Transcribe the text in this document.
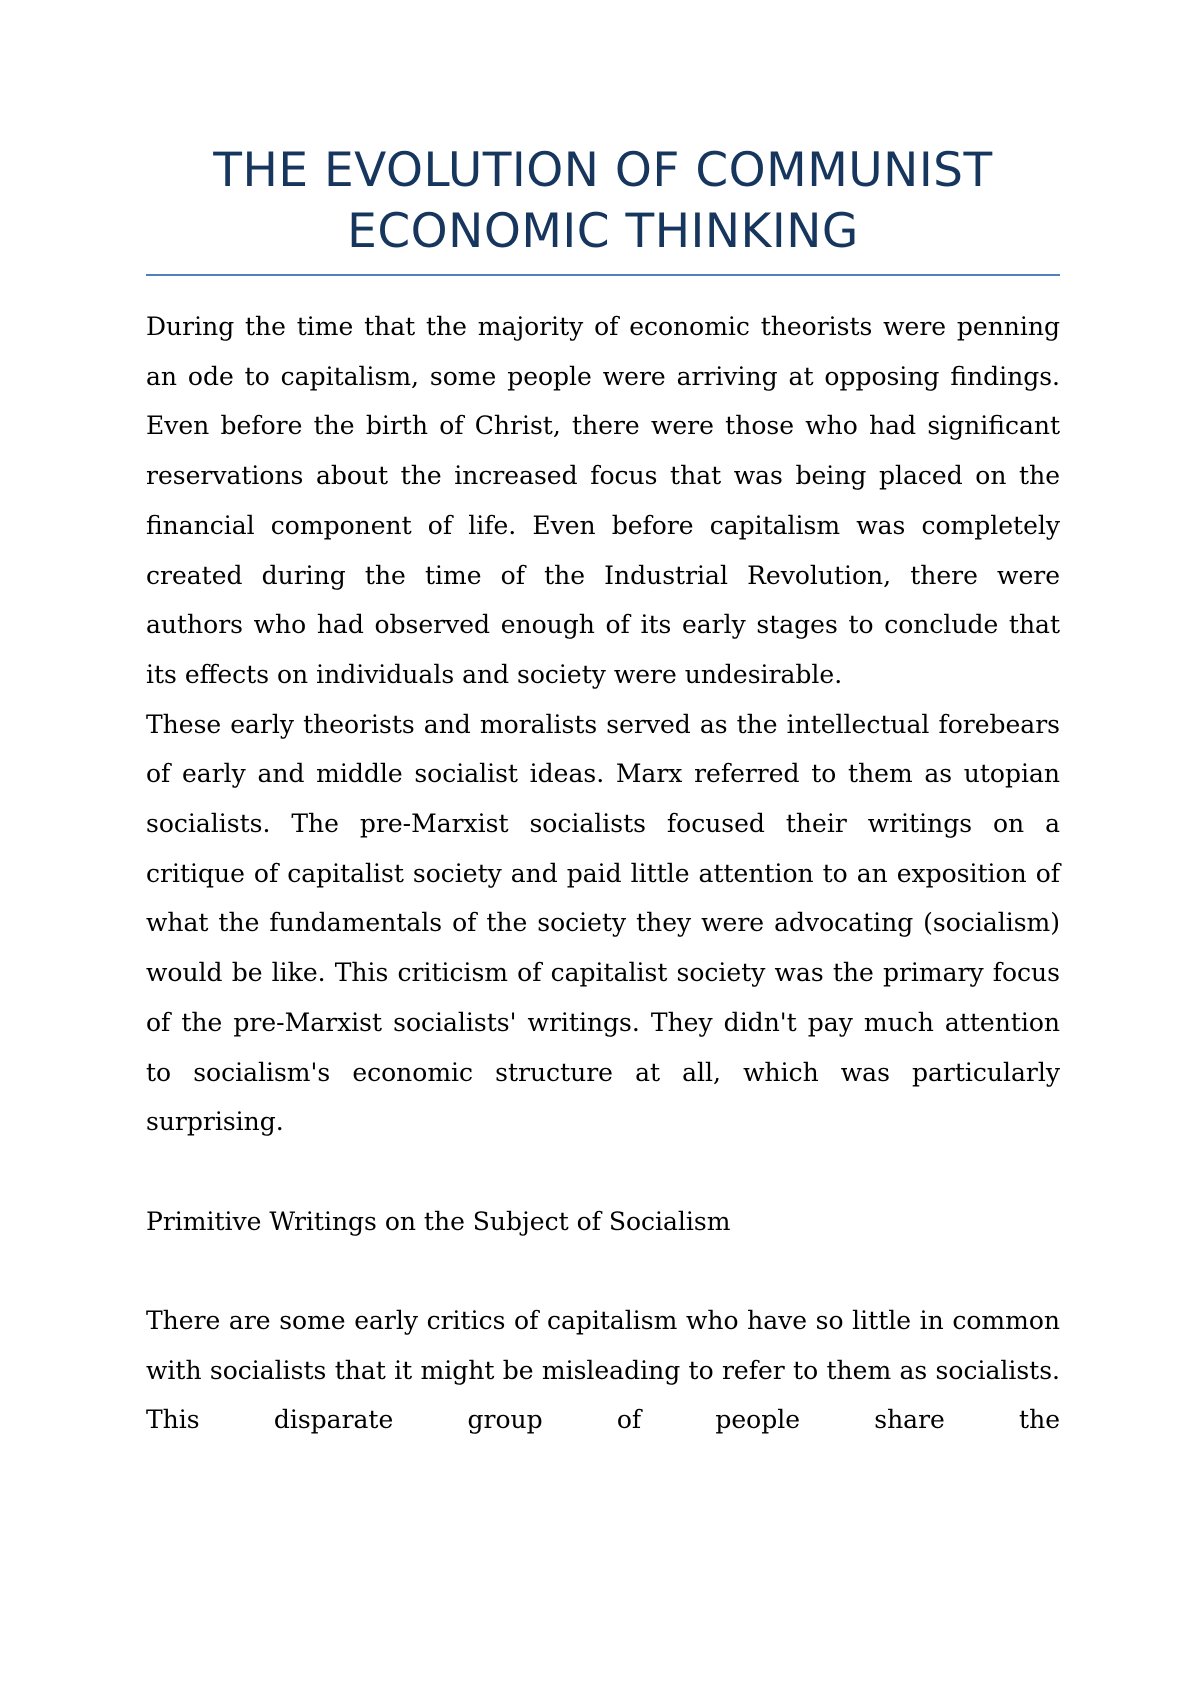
THE EVOLUTION OF COMMUNIST ECONOMIC THINKING

During the time that the majority of economic theorists were penning an ode to capitalism, some people were arriving at opposing findings. Even before the birth of Christ, there were those who had significant reservations about the increased focus that was being placed on the financial component of life. Even before capitalism was completely created during the time of the Industrial Revolution, there were authors who had observed enough of its early stages to conclude that its effects on individuals and society were undesirable.

These early theorists and moralists served as the intellectual forebears of early and middle socialist ideas. Marx referred to them as utopian socialists. The pre-Marxist socialists focused their writings on a critique of capitalist society and paid little attention to an exposition of what the fundamentals of the society they were advocating (socialism) would be like. This criticism of capitalist society was the primary focus of the pre-Marxist socialists' writings. They didn't pay much attention to socialism's economic structure at all, which was particularly surprising.

Primitive Writings on the Subject of Socialism

There are some early critics of capitalism who have so little in common with socialists that it might be misleading to refer to them as socialists. This disparate group of people share the
